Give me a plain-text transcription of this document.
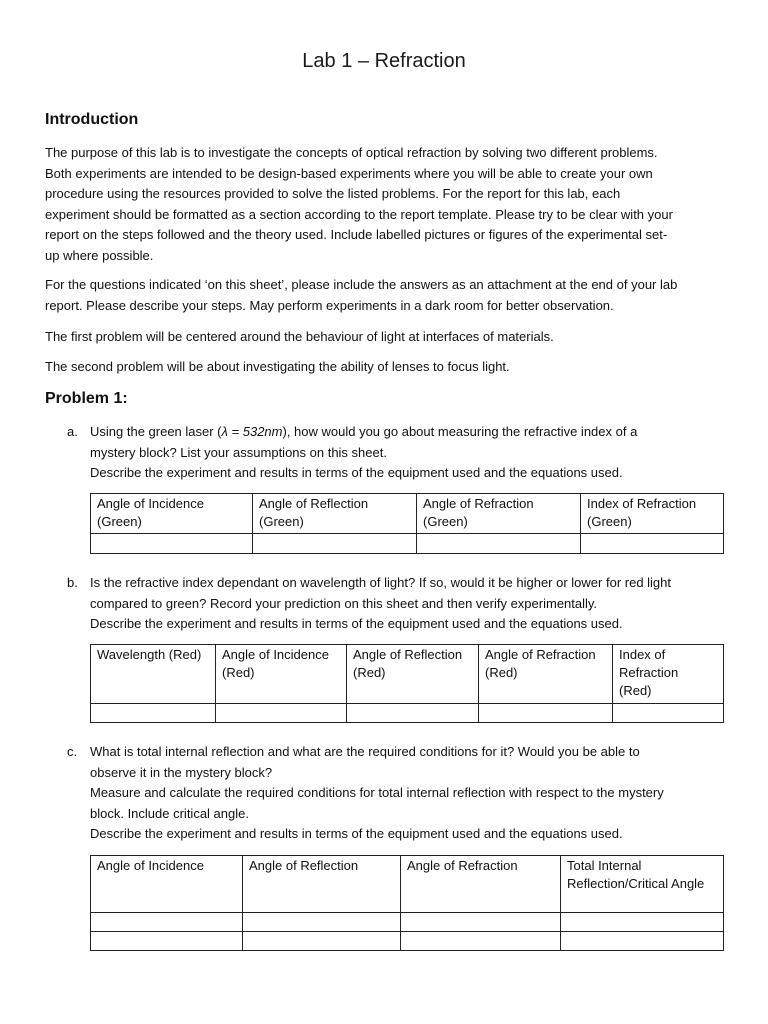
Lab 1 – Refraction
Introduction
The purpose of this lab is to investigate the concepts of optical refraction by solving two different problems.
Both experiments are intended to be design-based experiments where you will be able to create your own
procedure using the resources provided to solve the listed problems. For the report for this lab, each
experiment should be formatted as a section according to the report template. Please try to be clear with your
report on the steps followed and the theory used. Include labelled pictures or figures of the experimental set-
up where possible.
For the questions indicated ‘on this sheet’, please include the answers as an attachment at the end of your lab
report. Please describe your steps. May perform experiments in a dark room for better observation.
The first problem will be centered around the behaviour of light at interfaces of materials.
The second problem will be about investigating the ability of lenses to focus light.
Problem 1:
a. Using the green laser (λ = 532nm), how would you go about measuring the refractive index of a
mystery block? List your assumptions on this sheet.
Describe the experiment and results in terms of the equipment used and the equations used.
Angle of Incidence
(Green)	Angle of Reflection
(Green)	Angle of Refraction
(Green)	Index of Refraction
(Green)

b. Is the refractive index dependant on wavelength of light? If so, would it be higher or lower for red light
compared to green? Record your prediction on this sheet and then verify experimentally.
Describe the experiment and results in terms of the equipment used and the equations used.
Wavelength (Red)	Angle of Incidence
(Red)	Angle of Reflection
(Red)	Angle of Refraction
(Red)	Index of
Refraction
(Red)

c. What is total internal reflection and what are the required conditions for it? Would you be able to
observe it in the mystery block?
Measure and calculate the required conditions for total internal reflection with respect to the mystery
block. Include critical angle.
Describe the experiment and results in terms of the equipment used and the equations used.
Angle of Incidence	Angle of Reflection	Angle of Refraction	Total Internal
Reflection/Critical Angle
